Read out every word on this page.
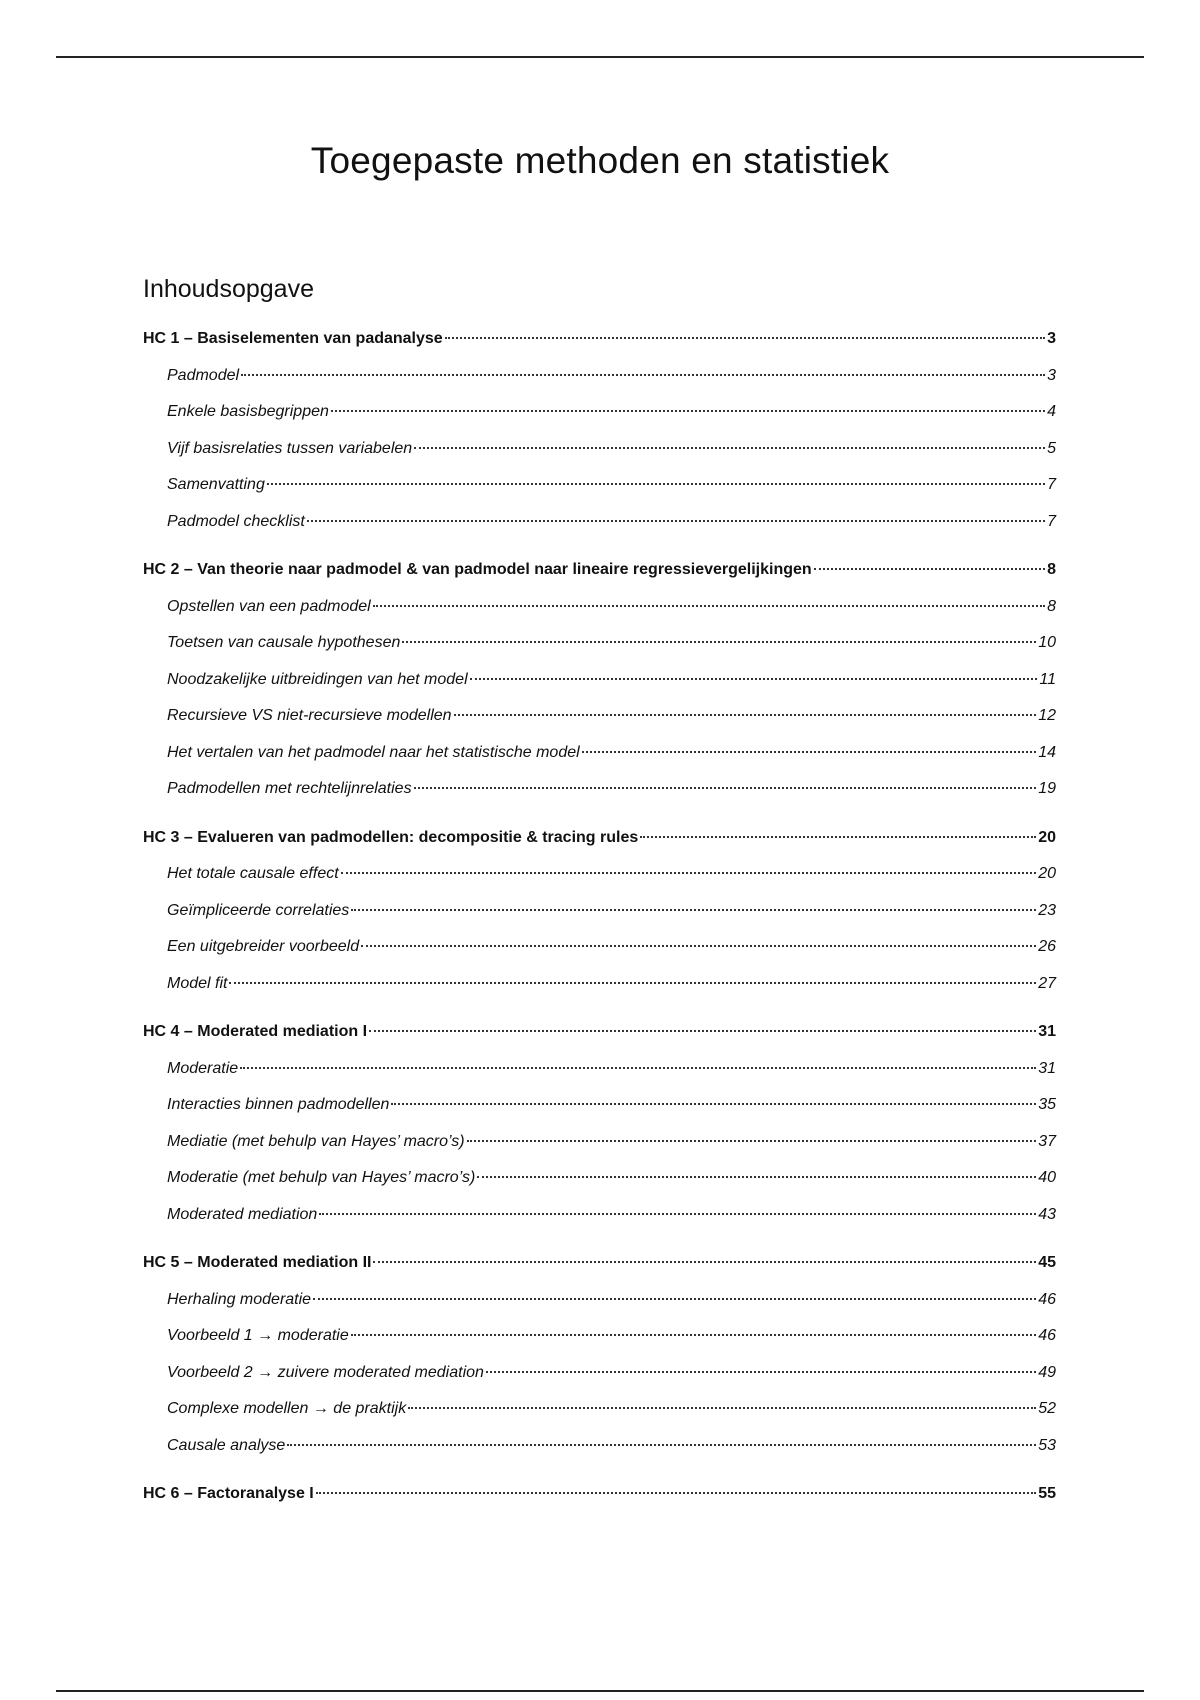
Toegepaste methoden en statistiek
Inhoudsopgave
HC 1 – Basiselementen van padanalyse	3
Padmodel	3
Enkele basisbegrippen	4
Vijf basisrelaties tussen variabelen	5
Samenvatting	7
Padmodel checklist	7
HC 2 – Van theorie naar padmodel & van padmodel naar lineaire regressievergelijkingen	8
Opstellen van een padmodel	8
Toetsen van causale hypothesen	10
Noodzakelijke uitbreidingen van het model	11
Recursieve VS niet-recursieve modellen	12
Het vertalen van het padmodel naar het statistische model	14
Padmodellen met rechtelijnrelaties	19
HC 3 – Evalueren van padmodellen: decompositie & tracing rules	20
Het totale causale effect	20
Geïmpliceerde correlaties	23
Een uitgebreider voorbeeld	26
Model fit	27
HC 4 – Moderated mediation I	31
Moderatie	31
Interacties binnen padmodellen	35
Mediatie (met behulp van Hayes’ macro’s)	37
Moderatie (met behulp van Hayes’ macro’s)	40
Moderated mediation	43
HC 5 – Moderated mediation II	45
Herhaling moderatie	46
Voorbeeld 1 → moderatie	46
Voorbeeld 2 → zuivere moderated mediation	49
Complexe modellen → de praktijk	52
Causale analyse	53
HC 6 – Factoranalyse I	55
